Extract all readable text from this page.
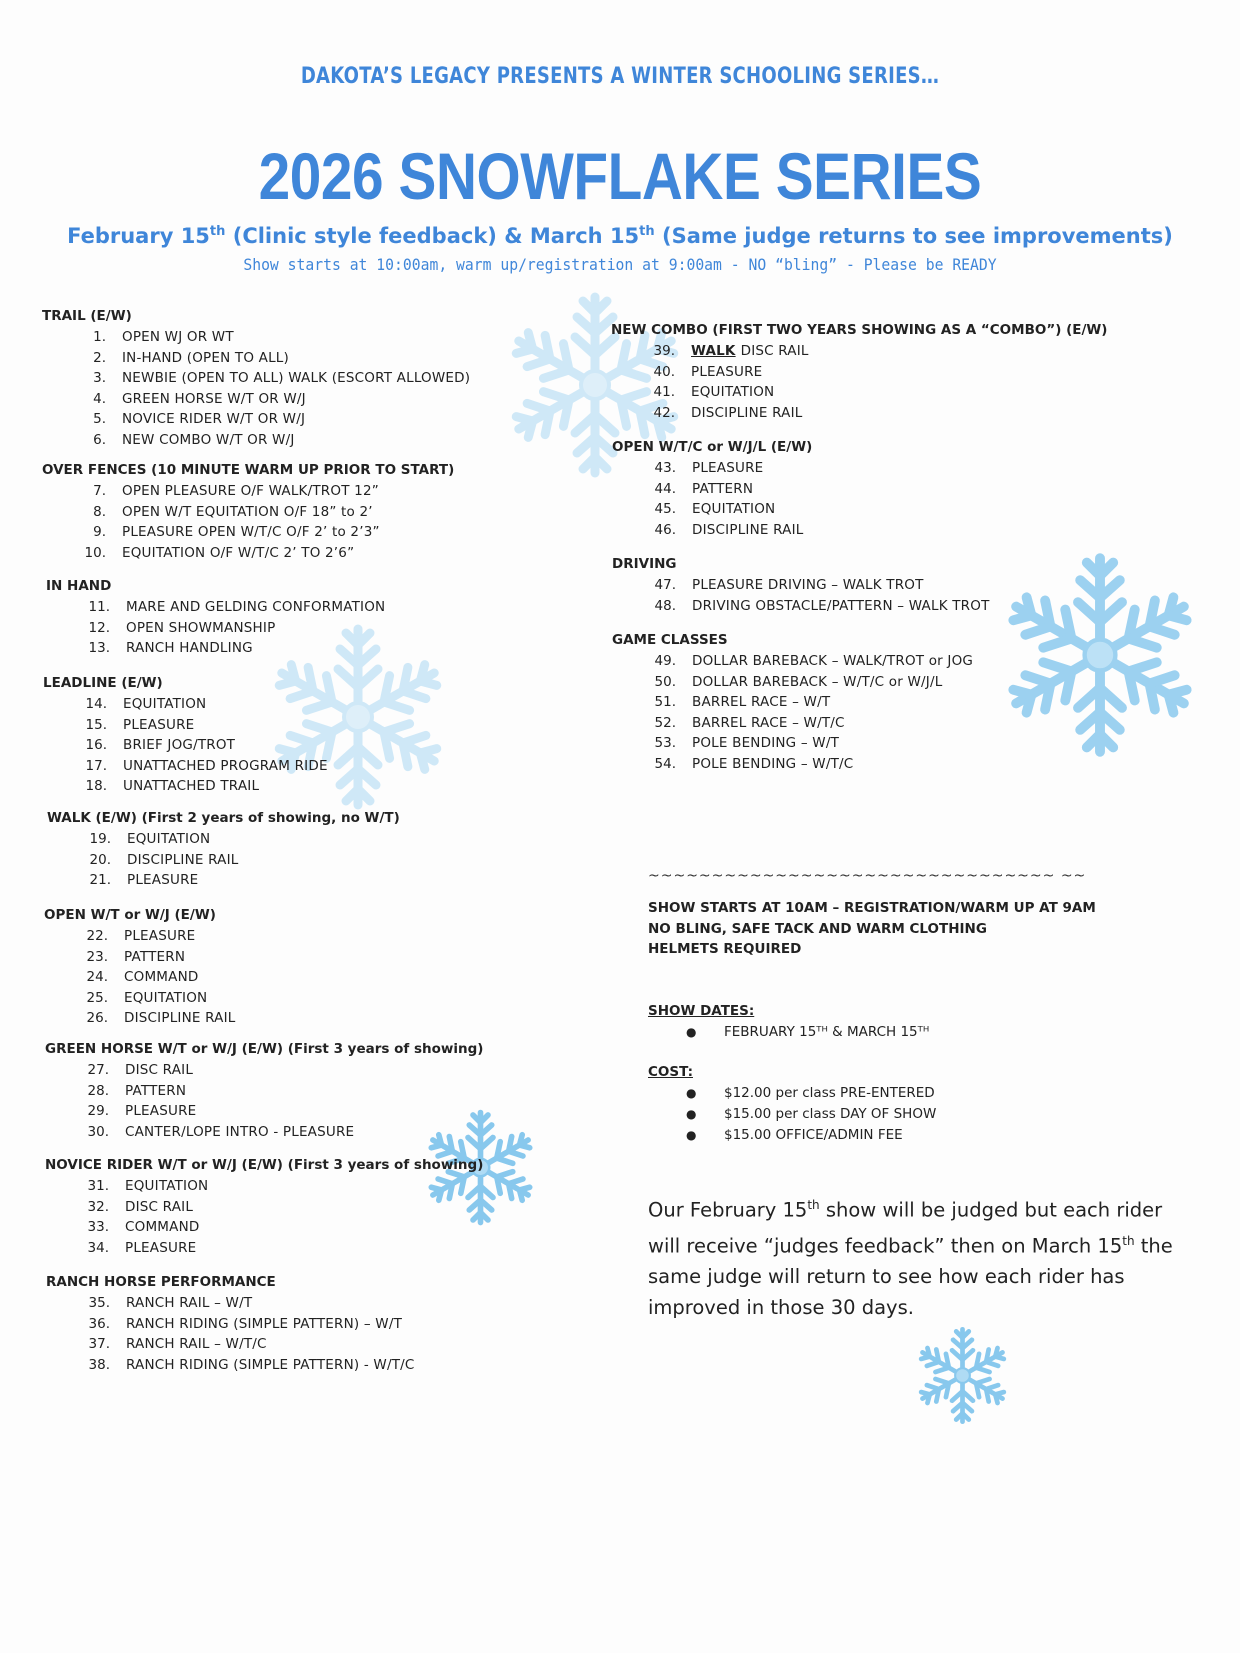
DAKOTA’S LEGACY PRESENTS A WINTER SCHOOLING SERIES…
2026 SNOWFLAKE SERIES
February 15th (Clinic style feedback) & March 15th (Same judge returns to see improvements)
Show starts at 10:00am, warm up/registration at 9:00am - NO “bling” - Please be READY
TRAIL (E/W)
1. OPEN WJ OR WT
2. IN-HAND (OPEN TO ALL)
3. NEWBIE (OPEN TO ALL) WALK (ESCORT ALLOWED)
4. GREEN HORSE W/T OR W/J
5. NOVICE RIDER W/T OR W/J
6. NEW COMBO W/T OR W/J
OVER FENCES (10 MINUTE WARM UP PRIOR TO START)
7. OPEN PLEASURE O/F WALK/TROT 12”
8. OPEN W/T EQUITATION O/F 18” to 2’
9. PLEASURE OPEN W/T/C O/F 2’ to 2’3”
10. EQUITATION O/F W/T/C 2’ TO 2’6”
IN HAND
11. MARE AND GELDING CONFORMATION
12. OPEN SHOWMANSHIP
13. RANCH HANDLING
LEADLINE (E/W)
14. EQUITATION
15. PLEASURE
16. BRIEF JOG/TROT
17. UNATTACHED PROGRAM RIDE
18. UNATTACHED TRAIL
WALK (E/W) (First 2 years of showing, no W/T)
19. EQUITATION
20. DISCIPLINE RAIL
21. PLEASURE
OPEN W/T or W/J (E/W)
22. PLEASURE
23. PATTERN
24. COMMAND
25. EQUITATION
26. DISCIPLINE RAIL
GREEN HORSE W/T or W/J (E/W) (First 3 years of showing)
27. DISC RAIL
28. PATTERN
29. PLEASURE
30. CANTER/LOPE INTRO - PLEASURE
NOVICE RIDER W/T or W/J (E/W) (First 3 years of showing)
31. EQUITATION
32. DISC RAIL
33. COMMAND
34. PLEASURE
RANCH HORSE PERFORMANCE
35. RANCH RAIL – W/T
36. RANCH RIDING (SIMPLE PATTERN) – W/T
37. RANCH RAIL – W/T/C
38. RANCH RIDING (SIMPLE PATTERN) - W/T/C
NEW COMBO (FIRST TWO YEARS SHOWING AS A “COMBO”) (E/W)
39. WALK DISC RAIL
40. PLEASURE
41. EQUITATION
42. DISCIPLINE RAIL
OPEN W/T/C or W/J/L (E/W)
43. PLEASURE
44. PATTERN
45. EQUITATION
46. DISCIPLINE RAIL
DRIVING
47. PLEASURE DRIVING – WALK TROT
48. DRIVING OBSTACLE/PATTERN – WALK TROT
GAME CLASSES
49. DOLLAR BAREBACK – WALK/TROT or JOG
50. DOLLAR BAREBACK – W/T/C or W/J/L
51. BARREL RACE – W/T
52. BARREL RACE – W/T/C
53. POLE BENDING – W/T
54. POLE BENDING – W/T/C
~~~~~~~~~~~~~~~~~~~~~~~~~~~~~~~~ ~~
SHOW STARTS AT 10AM – REGISTRATION/WARM UP AT 9AM
NO BLING, SAFE TACK AND WARM CLOTHING
HELMETS REQUIRED
SHOW DATES:
●	FEBRUARY 15ᵀᴴ & MARCH 15ᵀᴴ
COST:
●	$12.00 per class PRE-ENTERED
●	$15.00 per class DAY OF SHOW
●	$15.00 OFFICE/ADMIN FEE
Our February 15th show will be judged but each rider will receive “judges feedback” then on March 15th the same judge will return to see how each rider has improved in those 30 days.
